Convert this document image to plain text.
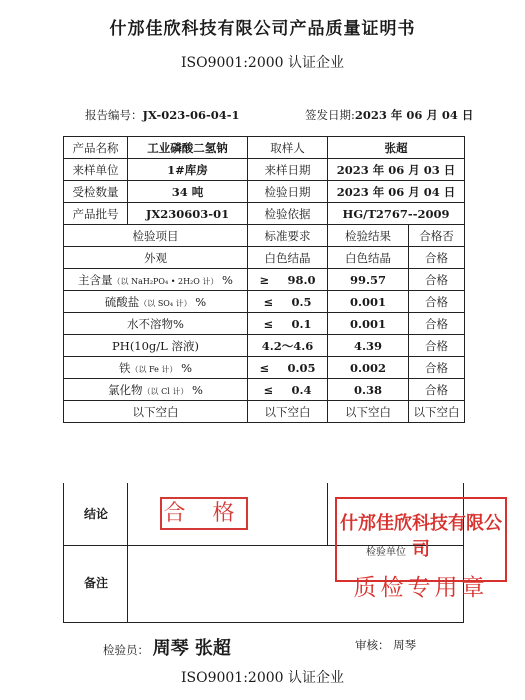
什邡佳欣科技有限公司产品质量证明书
ISO9001:2000 认证企业
报告编号：JX-023-06-04-1	签发日期:2023 年 06 月 04 日
产品名称	工业磷酸二氢钠	取样人	张超	
来样单位	1#库房	来样日期	2023 年 06 月 03 日	
受检数量	34 吨	检验日期	2023 年 06 月 04 日	
产品批号	JX230603-01	检验依据	HG/T2767--2009	
检验项目		标准要求	检验结果	合格否
外观		白色结晶	白色结晶	合格
主含量（以 NaH₂PO₄ • 2H₂O 计） %		≥ 98.0	99.57	合格
硫酸盐（以 SO₄ 计） %		≤ 0.5	0.001	合格
水不溶物%		≤ 0.1	0.001	合格
PH(10g/L 溶液)		4.2～4.6	4.39	合格
铁（以 Fe 计） %		≤ 0.05	0.002	合格
氯化物（以 Cl 计） %		≤ 0.4	0.38	合格
以下空白		以下空白	以下空白	以下空白
结论	合 格
检验单位
备注
什邡佳欣科技有限公司
质检专用章
检验员： 周琴 张超	审核： 周琴
ISO9001:2000 认证企业
